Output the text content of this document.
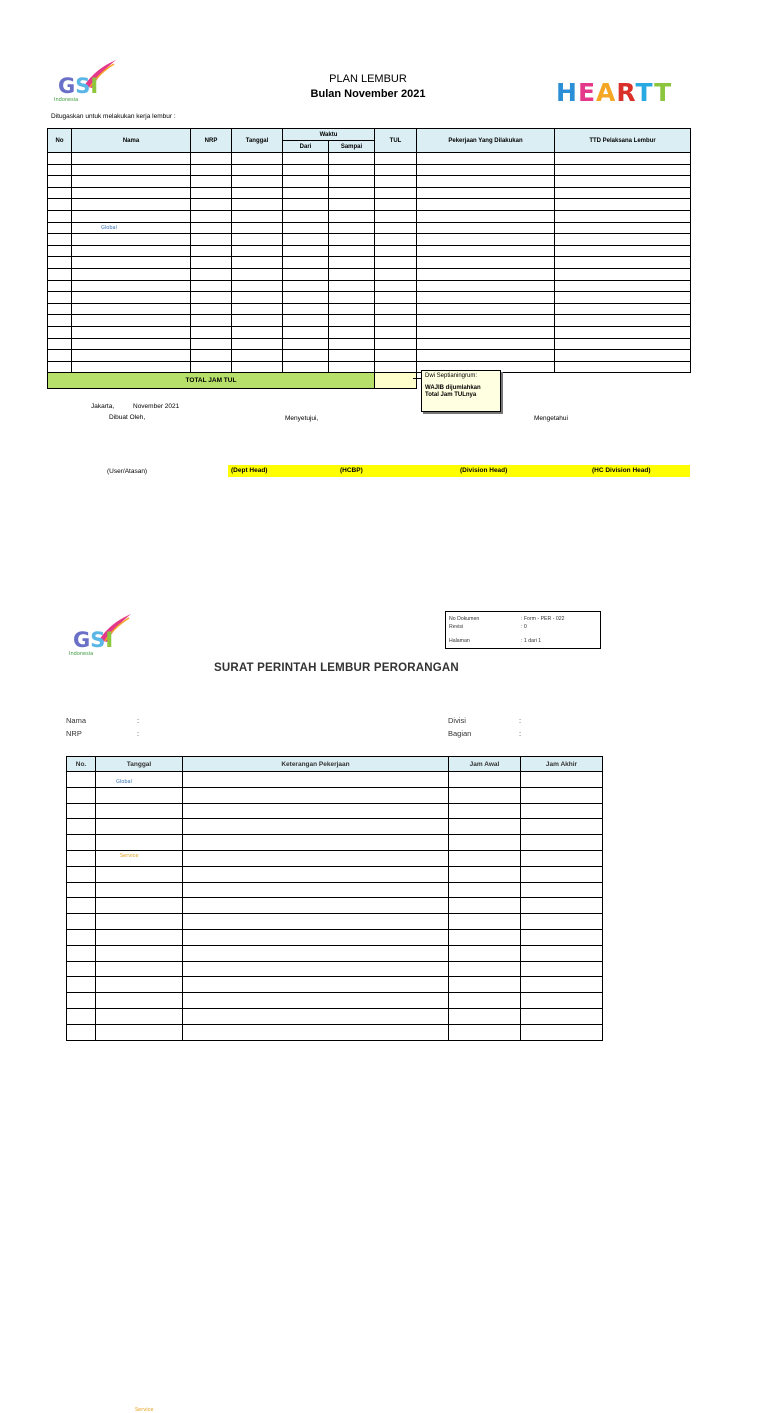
GSI
Global
Service
Indonesia
PLAN LEMBUR
Bulan November 2021	HEARTT
Ditugaskan untuk melakukan kerja lembur :
No	Nama	NRP	Tanggal	Waktu		TUL	Pekerjaan Yang Dilakukan	TTD Pelaksana Lembur
				Dari	Sampai			

TOTAL JAM TUL								
Dwi Septianingrum:
WAJIB dijumlahkan
Total Jam TULnya
Jakarta,	November 2021
Dibuat Oleh,	Menyetujui,	Mengetahui
(User/Atasan)	(Dept Head)	(HCBP)	(Division Head)	(HC Division Head)
GSI
Global
Service
Indonesia
No Dokumen	: Form - PER - 022
Revisi	: 0
Halaman	: 1 dari 1
SURAT PERINTAH LEMBUR PERORANGAN
Nama	:
NRP	:
Divisi	:
Bagian	:
No.	Tanggal	Keterangan Pekerjaan	Jam Awal	Jam Akhir
